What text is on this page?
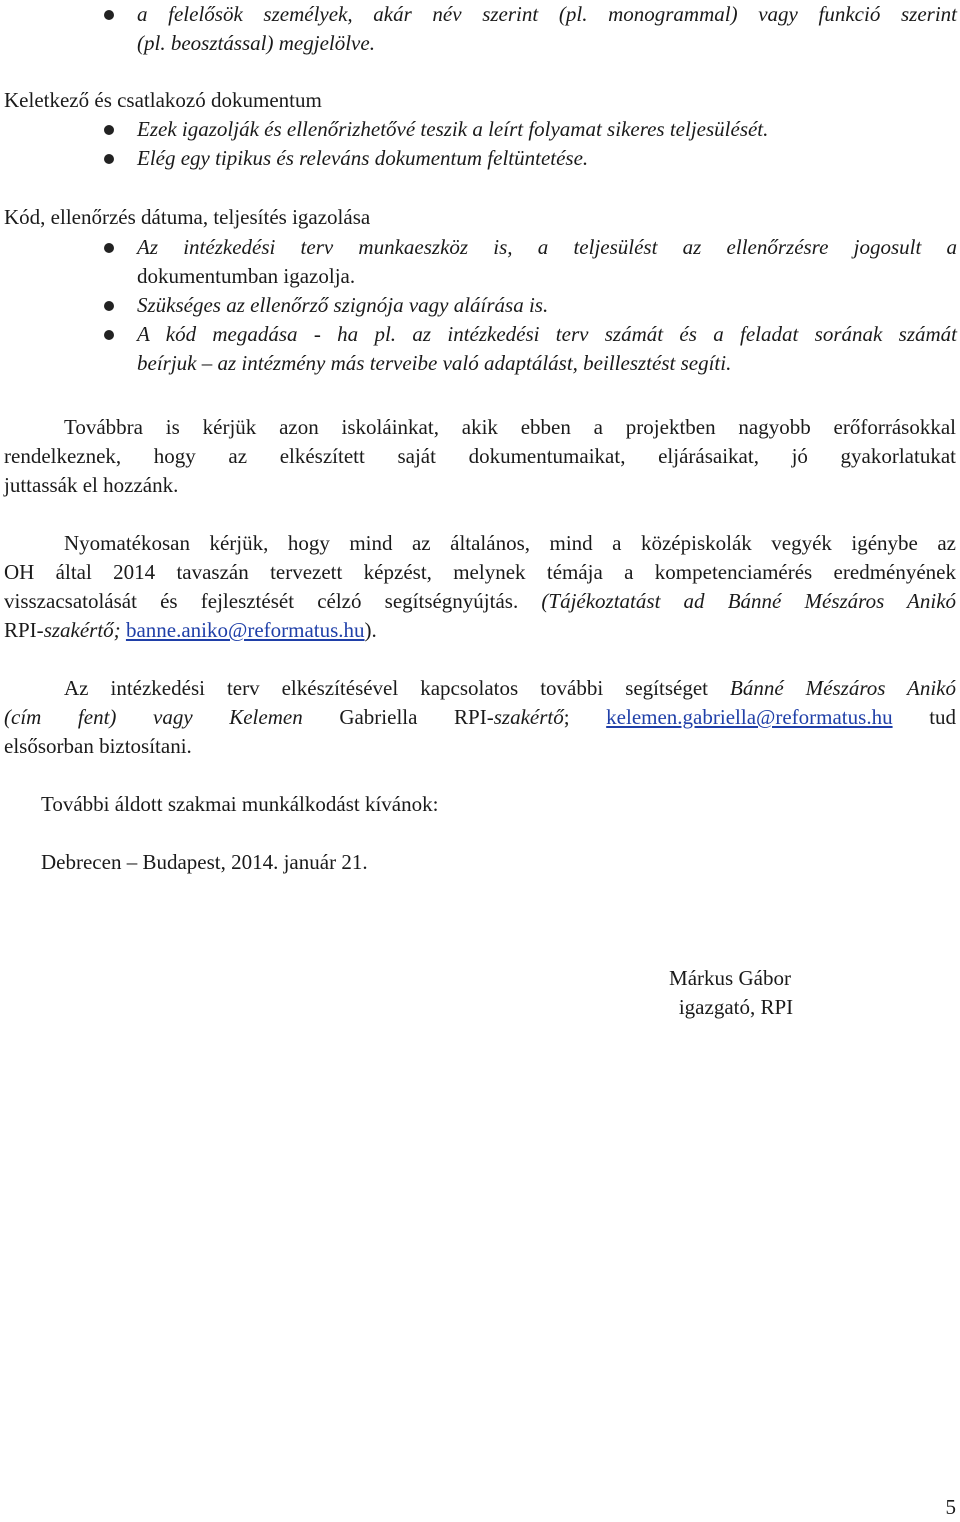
a felelősök személyek, akár név szerint (pl. monogrammal) vagy funkció szerint
(pl. beosztással) megjelölve.
Keletkező és csatlakozó dokumentum
Ezek igazolják és ellenőrizhetővé teszik a leírt folyamat sikeres teljesülését.
Elég egy tipikus és releváns dokumentum feltüntetése.
Kód, ellenőrzés dátuma, teljesítés igazolása
Az intézkedési terv munkaeszköz is, a teljesülést az ellenőrzésre jogosult a
dokumentumban igazolja.
Szükséges az ellenőrző szignója vagy aláírása is.
A kód megadása - ha pl. az intézkedési terv számát és a feladat sorának számát
beírjuk – az intézmény más terveibe való adaptálást, beillesztést segíti.
Továbbra is kérjük azon iskoláinkat, akik ebben a projektben nagyobb erőforrásokkal
rendelkeznek, hogy az elkészített saját dokumentumaikat, eljárásaikat, jó gyakorlatukat
juttassák el hozzánk.
Nyomatékosan kérjük, hogy mind az általános, mind a középiskolák vegyék igénybe az
OH által 2014 tavaszán tervezett képzést, melynek témája a kompetenciamérés eredményének
visszacsatolását és fejlesztését célzó segítségnyújtás. (Tájékoztatást ad Bánné Mészáros Anikó
RPI-szakértő; banne.aniko@reformatus.hu).
Az intézkedési terv elkészítésével kapcsolatos további segítséget Bánné Mészáros Anikó
(cím fent) vagy Kelemen Gabriella RPI-szakértő; kelemen.gabriella@reformatus.hu tud
elsősorban biztosítani.
További áldott szakmai munkálkodást kívánok:
Debrecen – Budapest, 2014. január 21.
Márkus Gábor
igazgató, RPI
5
